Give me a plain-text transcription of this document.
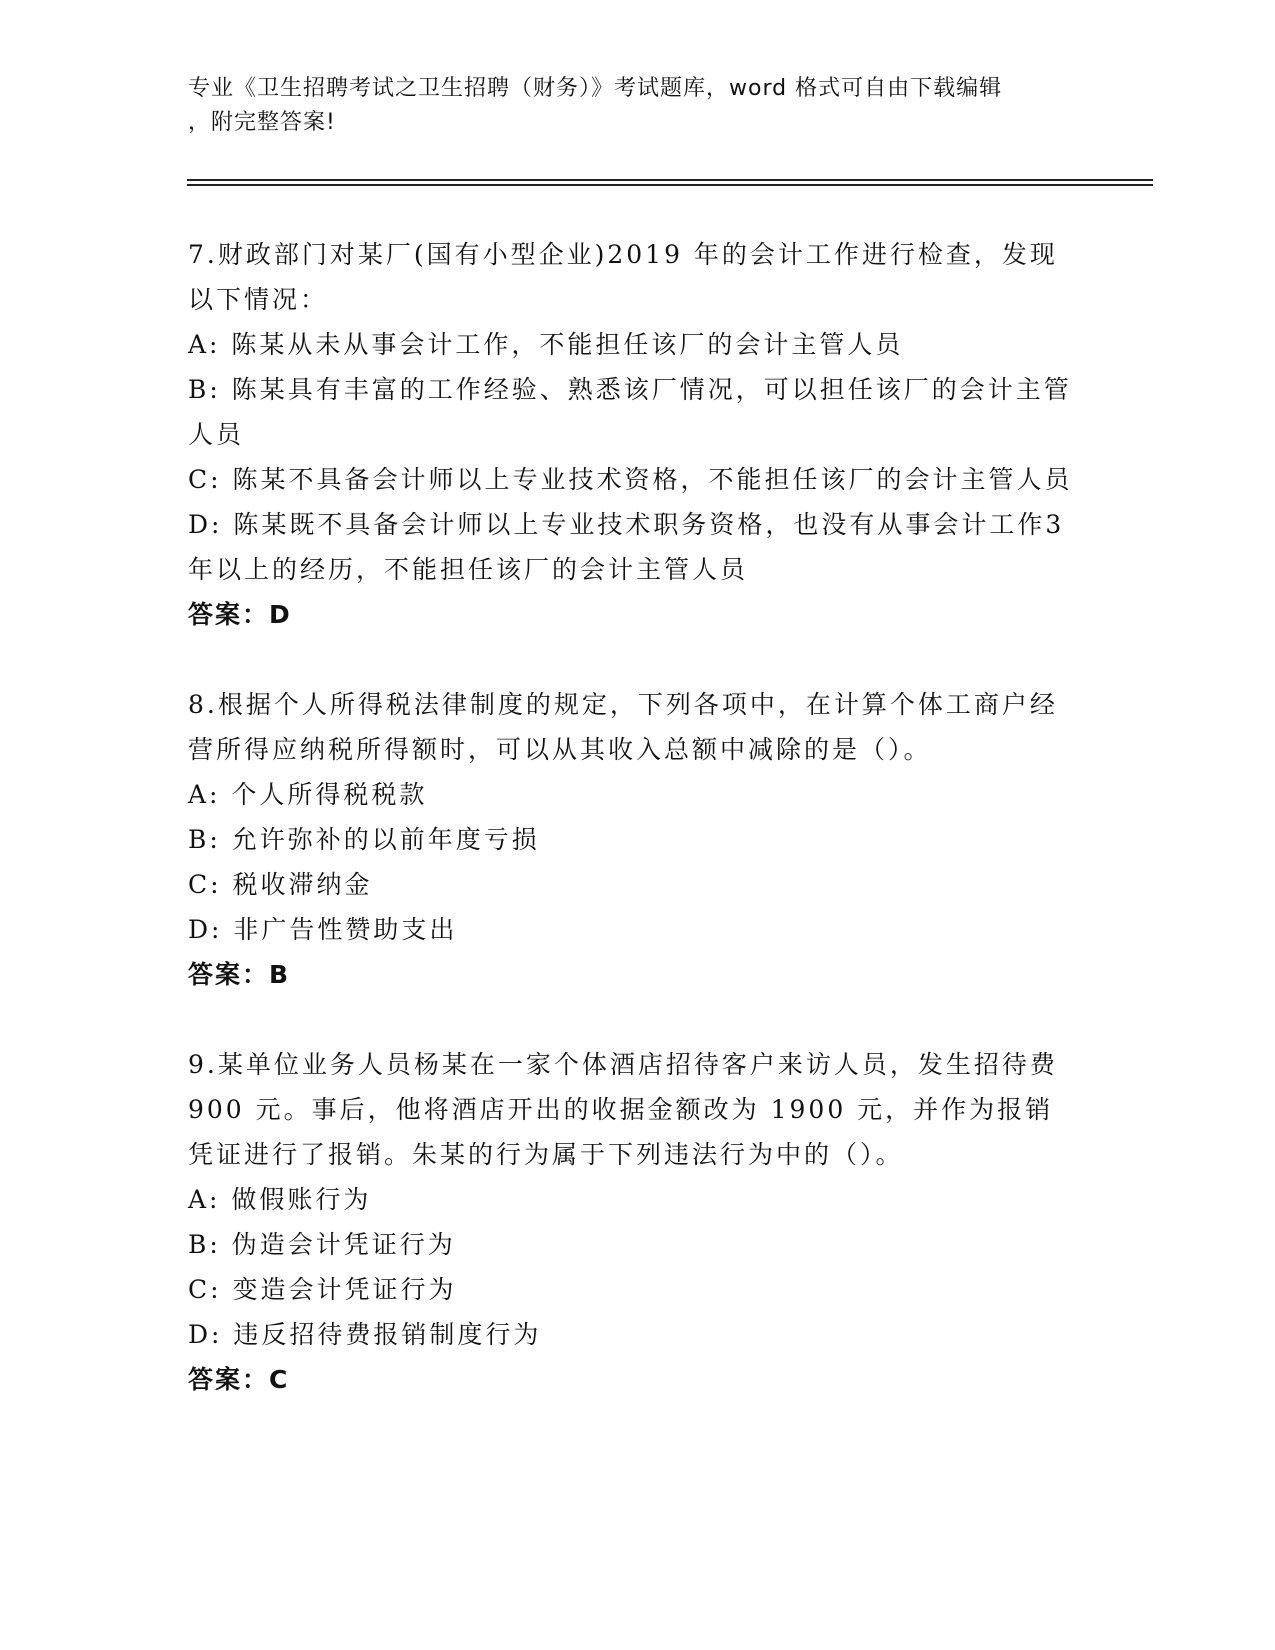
专业《卫生招聘考试之卫生招聘（财务）》考试题库，word 格式可自由下载编辑
，附完整答案!
7.财政部门对某厂(国有小型企业)2019 年的会计工作进行检查，发现以下情况：
A: 陈某从未从事会计工作，不能担任该厂的会计主管人员
B: 陈某具有丰富的工作经验、熟悉该厂情况，可以担任该厂的会计主管人员
C: 陈某不具备会计师以上专业技术资格，不能担任该厂的会计主管人员
D: 陈某既不具备会计师以上专业技术职务资格，也没有从事会计工作3 年以上的经历，不能担任该厂的会计主管人员
答案：D
8.根据个人所得税法律制度的规定，下列各项中，在计算个体工商户经营所得应纳税所得额时，可以从其收入总额中减除的是（）。
A: 个人所得税税款
B: 允许弥补的以前年度亏损
C: 税收滞纳金
D: 非广告性赞助支出
答案：B
9.某单位业务人员杨某在一家个体酒店招待客户来访人员，发生招待费 900 元。事后，他将酒店开出的收据金额改为 1900 元，并作为报销凭证进行了报销。朱某的行为属于下列违法行为中的（）。
A: 做假账行为
B: 伪造会计凭证行为
C: 变造会计凭证行为
D: 违反招待费报销制度行为
答案：C
